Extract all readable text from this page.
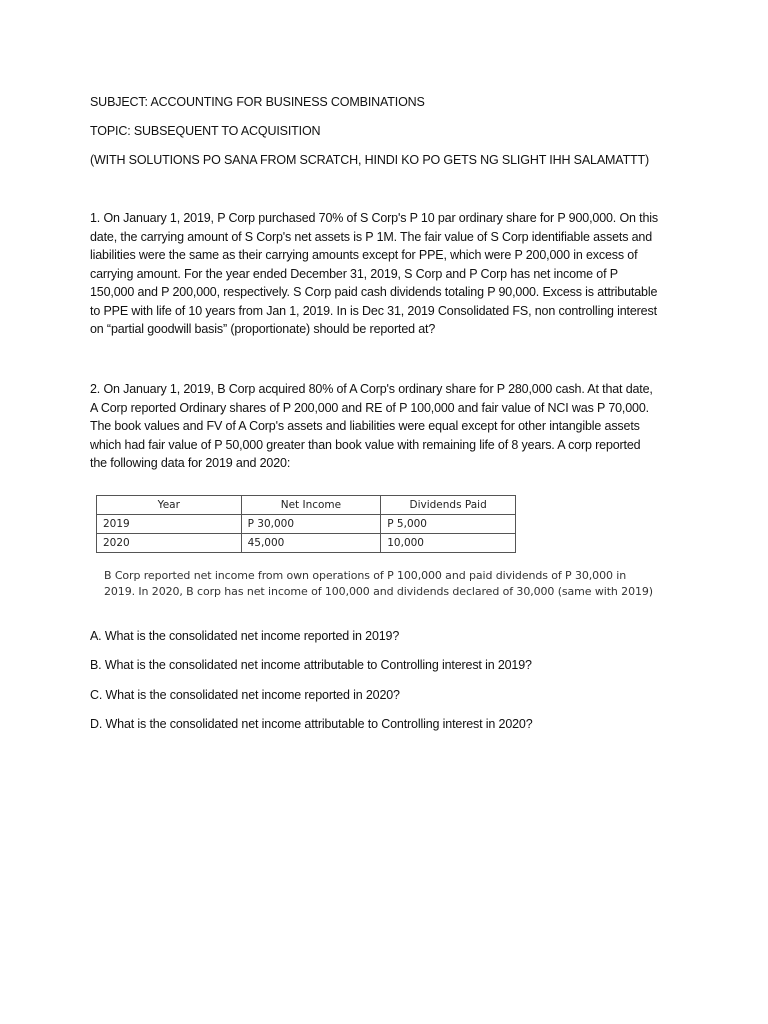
SUBJECT: ACCOUNTING FOR BUSINESS COMBINATIONS
TOPIC: SUBSEQUENT TO ACQUISITION
(WITH SOLUTIONS PO SANA FROM SCRATCH, HINDI KO PO GETS NG SLIGHT IHH SALAMATTT)
1. On January 1, 2019, P Corp purchased 70% of S Corp's P 10 par ordinary share for P 900,000. On this
date, the carrying amount of S Corp's net assets is P 1M. The fair value of S Corp identifiable assets and
liabilities were the same as their carrying amounts except for PPE, which were P 200,000 in excess of
carrying amount. For the year ended December 31, 2019, S Corp and P Corp has net income of P
150,000 and P 200,000, respectively. S Corp paid cash dividends totaling P 90,000. Excess is attributable
to PPE with life of 10 years from Jan 1, 2019. In is Dec 31, 2019 Consolidated FS, non controlling interest
on “partial goodwill basis” (proportionate) should be reported at?
2. On January 1, 2019, B Corp acquired 80% of A Corp's ordinary share for P 280,000 cash. At that date,
A Corp reported Ordinary shares of P 200,000 and RE of P 100,000 and fair value of NCI was P 70,000.
The book values and FV of A Corp's assets and liabilities were equal except for other intangible assets
which had fair value of P 50,000 greater than book value with remaining life of 8 years. A corp reported
the following data for 2019 and 2020:
Year	Net Income	Dividends Paid
2019	P 30,000	P 5,000
2020	45,000	10,000
B Corp reported net income from own operations of P 100,000 and paid dividends of P 30,000 in
2019. In 2020, B corp has net income of 100,000 and dividends declared of 30,000 (same with 2019)
A. What is the consolidated net income reported in 2019?
B. What is the consolidated net income attributable to Controlling interest in 2019?
C. What is the consolidated net income reported in 2020?
D. What is the consolidated net income attributable to Controlling interest in 2020?
